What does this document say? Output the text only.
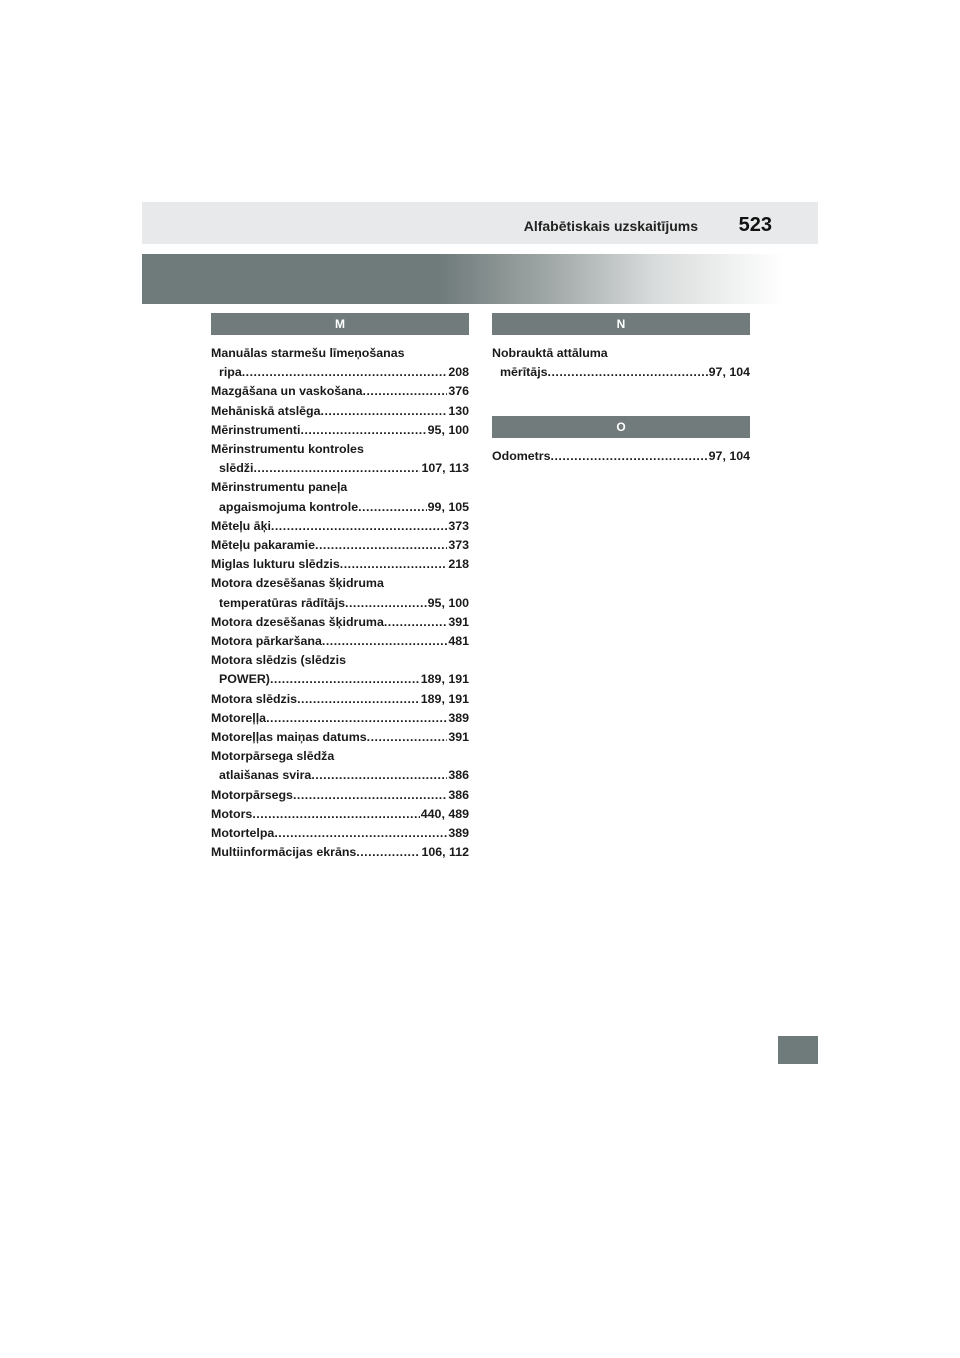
Alfabētiskais uzskaitījums 523
M
Manuālas starmešu līmeņošanas
ripa .....	208
Mazgāšana un vaskošana .....	376
Mehāniskā atslēga .....	130
Mērinstrumenti .....	95, 100
Mērinstrumentu kontroles
slēdži .....	107, 113
Mērinstrumentu paneļa
apgaismojuma kontrole .....	99, 105
Mēteļu āķi .....	373
Mēteļu pakaramie .....	373
Miglas lukturu slēdzis .....	218
Motora dzesēšanas šķidruma
temperatūras rādītājs .....	95, 100
Motora dzesēšanas šķidruma .....	391
Motora pārkaršana .....	481
Motora slēdzis (slēdzis
POWER) .....	189, 191
Motora slēdzis .....	189, 191
Motoreļļa .....	389
Motoreļļas maiņas datums .....	391
Motorpārsega slēdža
atlaišanas svira .....	386
Motorpārsegs .....	386
Motors .....	440, 489
Motortelpa .....	389
Multiinformācijas ekrāns .....	106, 112
N
Nobrauktā attāluma
mērītājs .....	97, 104
O
Odometrs .....	97, 104
